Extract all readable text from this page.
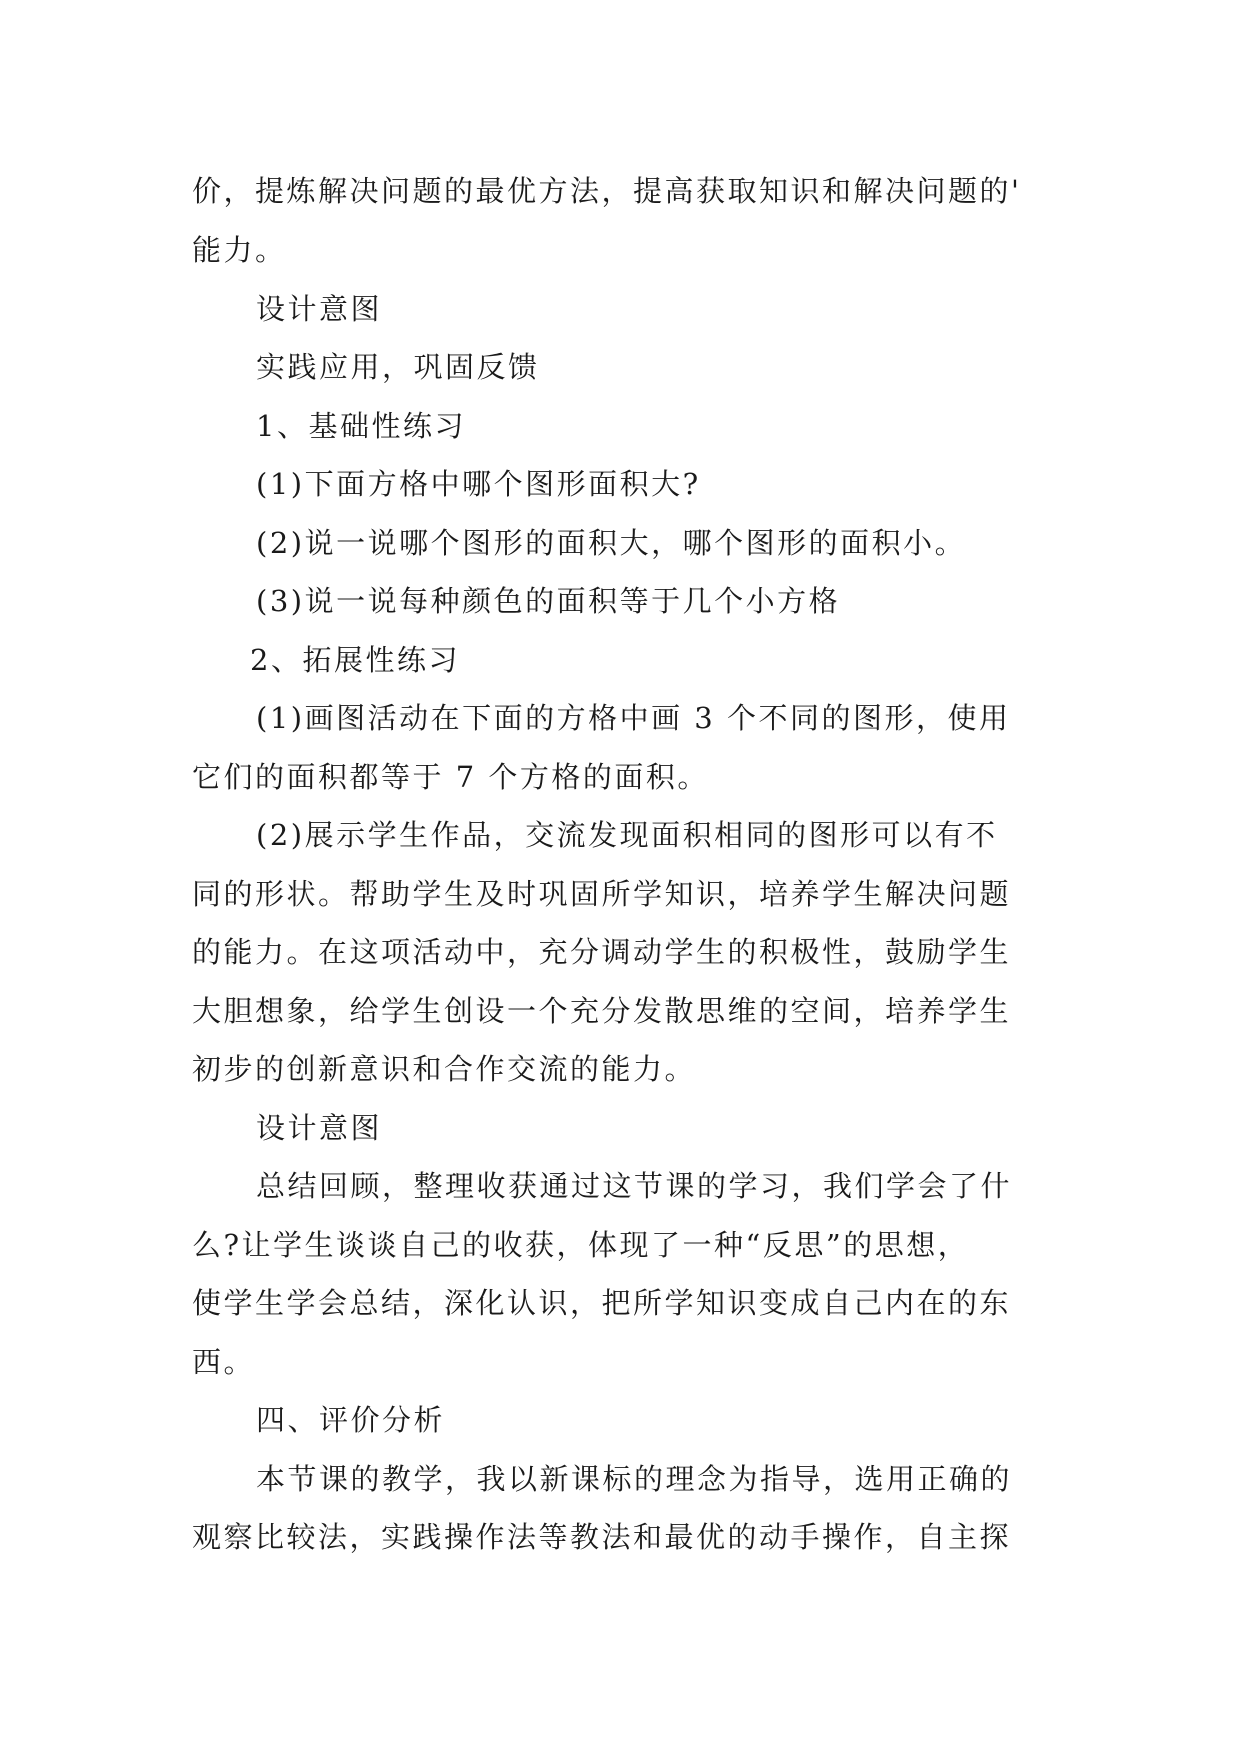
价，提炼解决问题的最优方法，提高获取知识和解决问题的'

能力。

设计意图

实践应用，巩固反馈

1、基础性练习

(1)下面方格中哪个图形面积大?

(2)说一说哪个图形的面积大，哪个图形的面积小。

(3)说一说每种颜色的面积等于几个小方格

2、拓展性练习

(1)画图活动在下面的方格中画 3 个不同的图形，使用

它们的面积都等于 7 个方格的面积。

(2)展示学生作品，交流发现面积相同的图形可以有不

同的形状。帮助学生及时巩固所学知识，培养学生解决问题

的能力。在这项活动中，充分调动学生的积极性，鼓励学生

大胆想象，给学生创设一个充分发散思维的空间，培养学生

初步的创新意识和合作交流的能力。

设计意图

总结回顾，整理收获通过这节课的学习，我们学会了什

么?让学生谈谈自己的收获，体现了一种“反思”的思想，

使学生学会总结，深化认识，把所学知识变成自己内在的东

西。

四、评价分析

本节课的教学，我以新课标的理念为指导，选用正确的

观察比较法，实践操作法等教法和最优的动手操作，自主探
